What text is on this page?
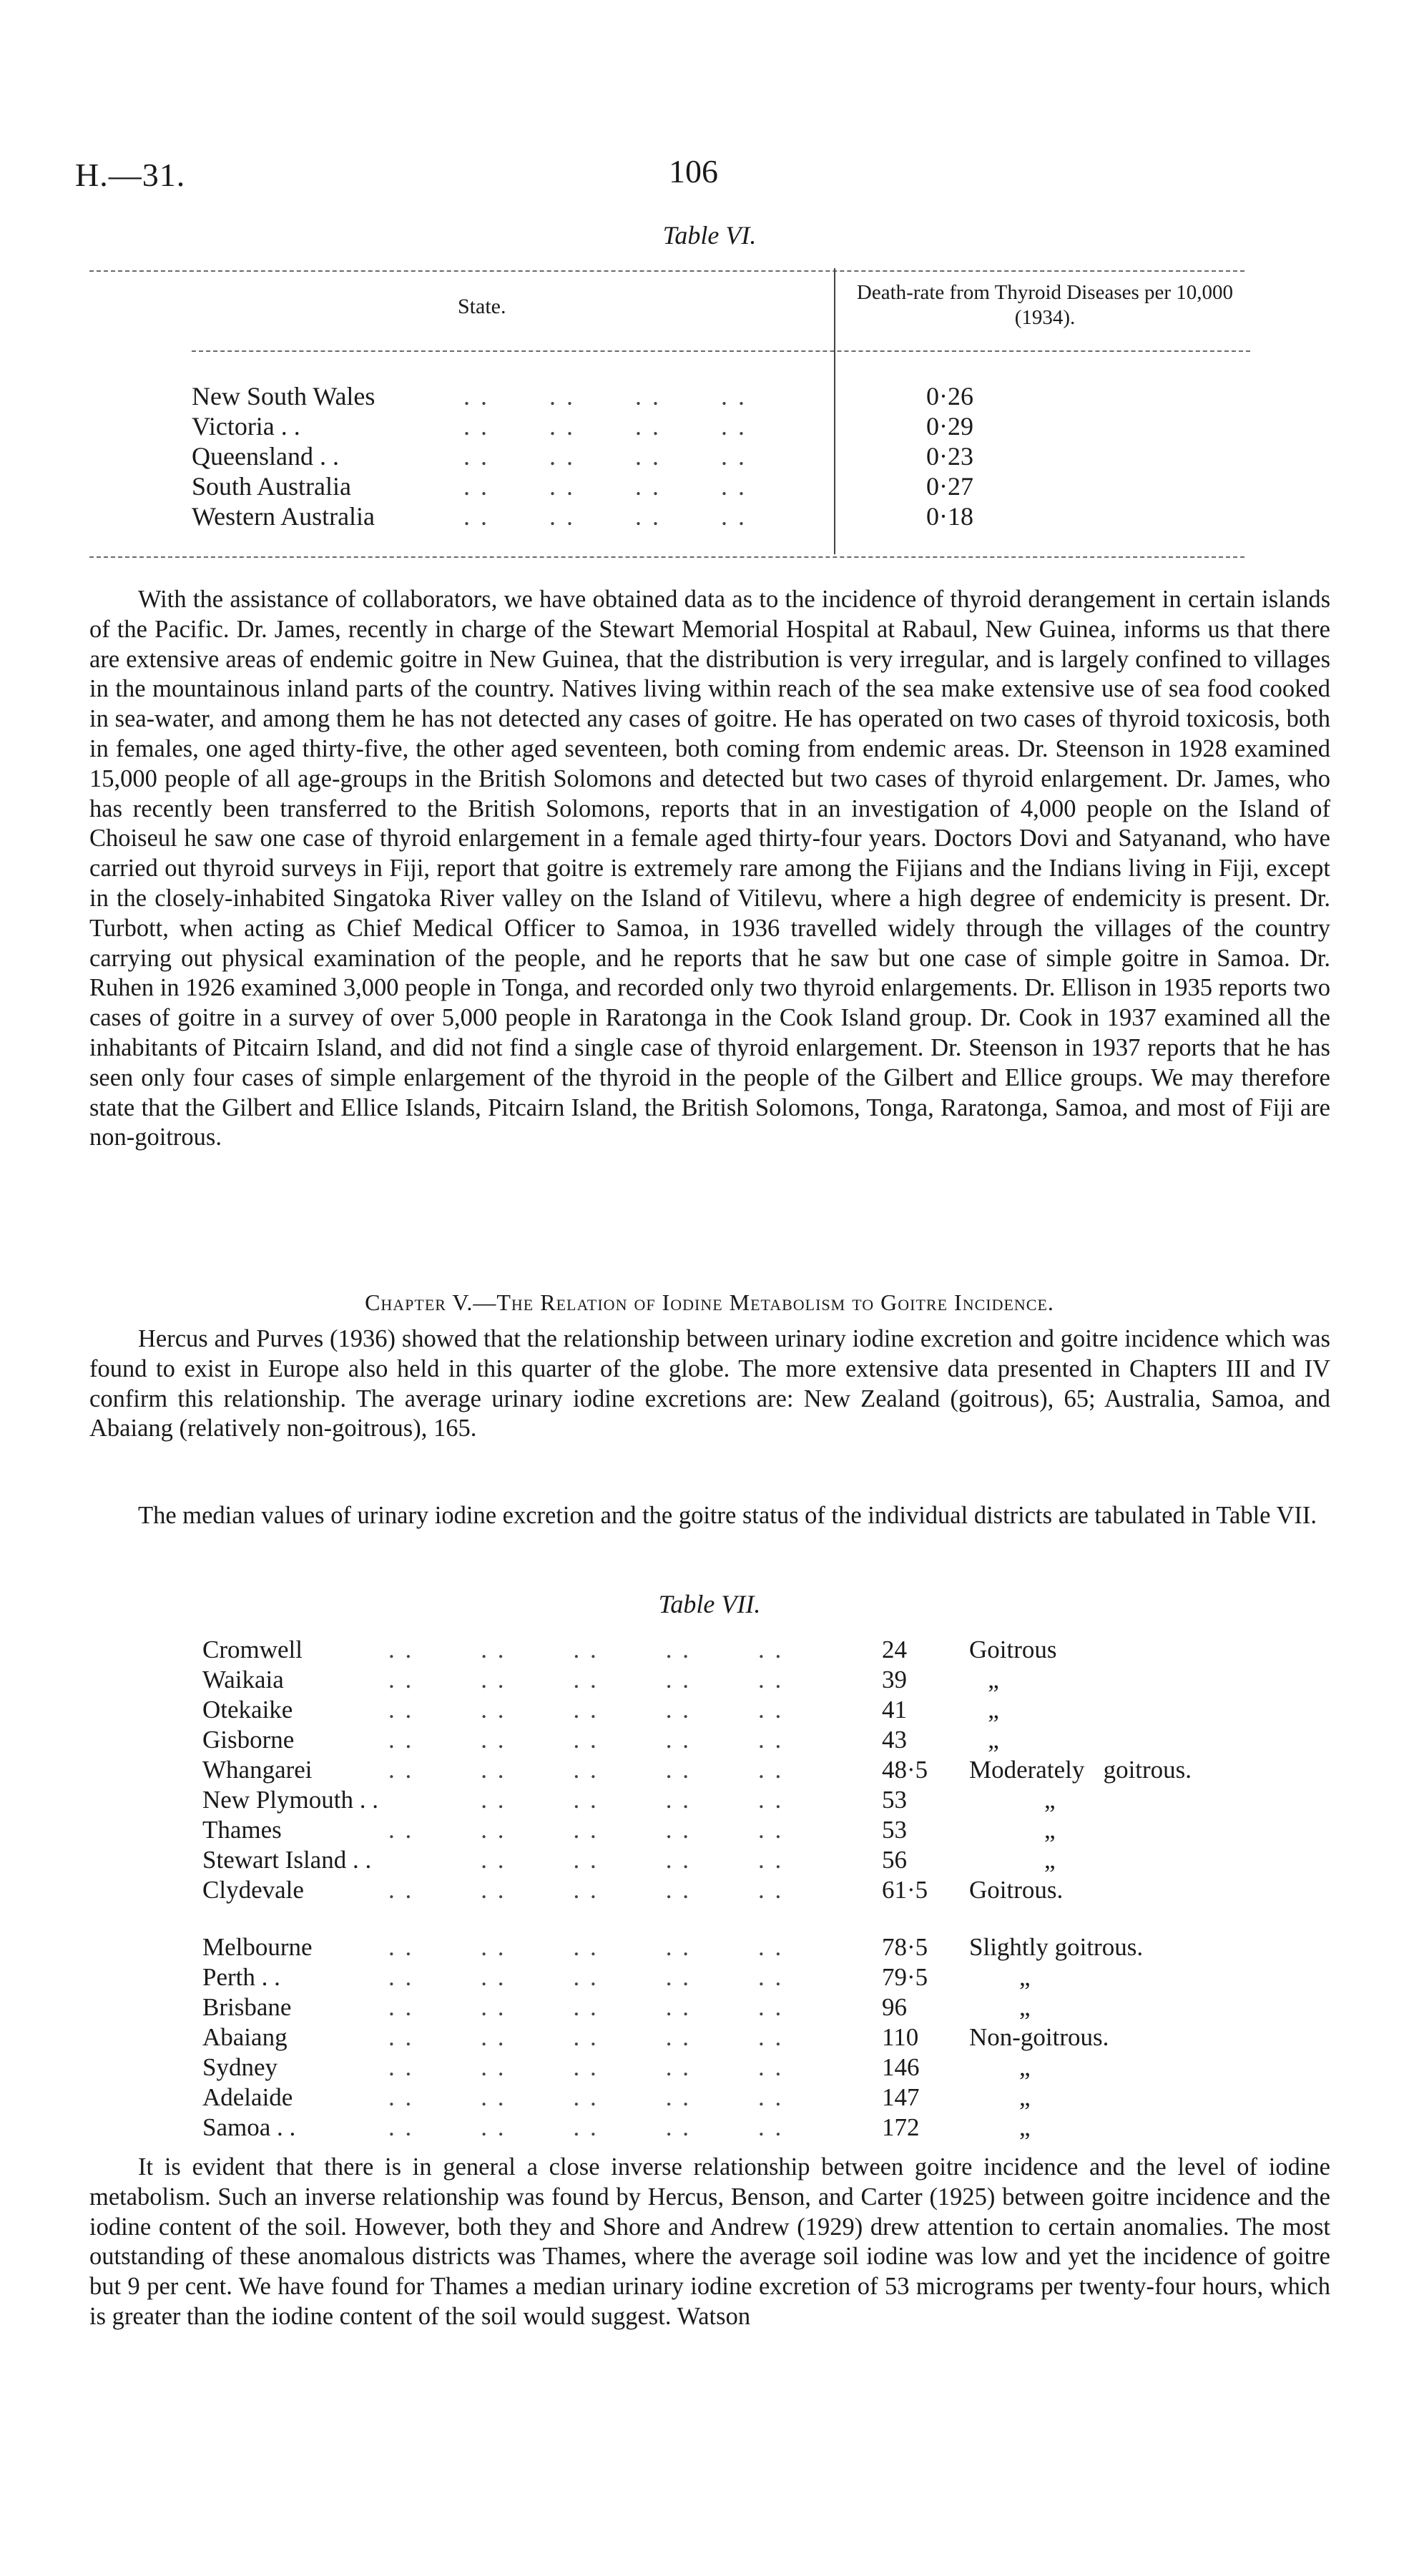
H.—31.	106
Table VI.
State.
Death-rate from Thyroid Diseases per 10,000 (1934).
New South Wales	. .       . .       . .       . .	0·26
Victoria . .	. .       . .       . .       . .	0·29
Queensland . .	. .       . .       . .       . .	0·23
South Australia	. .       . .       . .       . .	0·27
Western Australia	. .       . .       . .       . .	0·18

With the assistance of collaborators, we have obtained data as to the incidence of thyroid derangement in certain islands of the Pacific. Dr. James, recently in charge of the Stewart Memorial Hospital at Rabaul, New Guinea, informs us that there are extensive areas of endemic goitre in New Guinea, that the distribution is very irregular, and is largely confined to villages in the mountainous inland parts of the country. Natives living within reach of the sea make extensive use of sea food cooked in sea-water, and among them he has not detected any cases of goitre. He has operated on two cases of thyroid toxicosis, both in females, one aged thirty-five, the other aged seventeen, both coming from endemic areas. Dr. Steenson in 1928 examined 15,000 people of all age-groups in the British Solomons and detected but two cases of thyroid enlargement. Dr. James, who has recently been transferred to the British Solomons, reports that in an investigation of 4,000 people on the Island of Choiseul he saw one case of thyroid enlargement in a female aged thirty-four years. Doctors Dovi and Satyanand, who have carried out thyroid surveys in Fiji, report that goitre is extremely rare among the Fijians and the Indians living in Fiji, except in the closely-inhabited Singatoka River valley on the Island of Vitilevu, where a high degree of endemicity is present. Dr. Turbott, when acting as Chief Medical Officer to Samoa, in 1936 travelled widely through the villages of the country carrying out physical examination of the people, and he reports that he saw but one case of simple goitre in Samoa. Dr. Ruhen in 1926 examined 3,000 people in Tonga, and recorded only two thyroid enlargements. Dr. Ellison in 1935 reports two cases of goitre in a survey of over 5,000 people in Raratonga in the Cook Island group. Dr. Cook in 1937 examined all the inhabitants of Pitcairn Island, and did not find a single case of thyroid enlargement. Dr. Steenson in 1937 reports that he has seen only four cases of simple enlargement of the thyroid in the people of the Gilbert and Ellice groups. We may therefore state that the Gilbert and Ellice Islands, Pitcairn Island, the British Solomons, Tonga, Raratonga, Samoa, and most of Fiji are non-goitrous.

Chapter V.—The Relation of Iodine Metabolism to Goitre Incidence.

Hercus and Purves (1936) showed that the relationship between urinary iodine excretion and goitre incidence which was found to exist in Europe also held in this quarter of the globe. The more extensive data presented in Chapters III and IV confirm this relationship. The average urinary iodine excretions are: New Zealand (goitrous), 65; Australia, Samoa, and Abaiang (relatively non-goitrous), 165.

The median values of urinary iodine excretion and the goitre status of the individual districts are tabulated in Table VII.

Table VII.
Cromwell	. .        . .        . .        . .        . .	24 Goitrous
Waikaia	. .        . .        . .        . .        . .	39 „
Otekaike	. .        . .        . .        . .        . .	41 „
Gisborne	. .        . .        . .        . .        . .	43 „
Whangarei	. .        . .        . .        . .        . .	48·5 Moderately   goitrous.
New Plymouth . . . .        . .        . .        . .	53 „
Thames	. .        . .        . .        . .        . .	53 „
Stewart Island . . . .        . .        . .        . .	56 „
Clydevale	. .        . .        . .        . .        . .	61·5 Goitrous.
Melbourne	. .        . .        . .        . .        . .	78·5 Slightly goitrous.
Perth . .	. .        . .        . .        . .        . .	79·5 „
Brisbane	. .        . .        . .        . .        . .	96 „
Abaiang	. .        . .        . .        . .        . .	110 Non-goitrous.
Sydney	. .        . .        . .        . .        . .	146 „
Adelaide	. .        . .        . .        . .        . .	147 „
Samoa . .	. .        . .        . .        . .        . .	172 „

It is evident that there is in general a close inverse relationship between goitre incidence and the level of iodine metabolism. Such an inverse relationship was found by Hercus, Benson, and Carter (1925) between goitre incidence and the iodine content of the soil. However, both they and Shore and Andrew (1929) drew attention to certain anomalies. The most outstanding of these anomalous districts was Thames, where the average soil iodine was low and yet the incidence of goitre but 9 per cent. We have found for Thames a median urinary iodine excretion of 53 micrograms per twenty-four hours, which is greater than the iodine content of the soil would suggest. Watson
